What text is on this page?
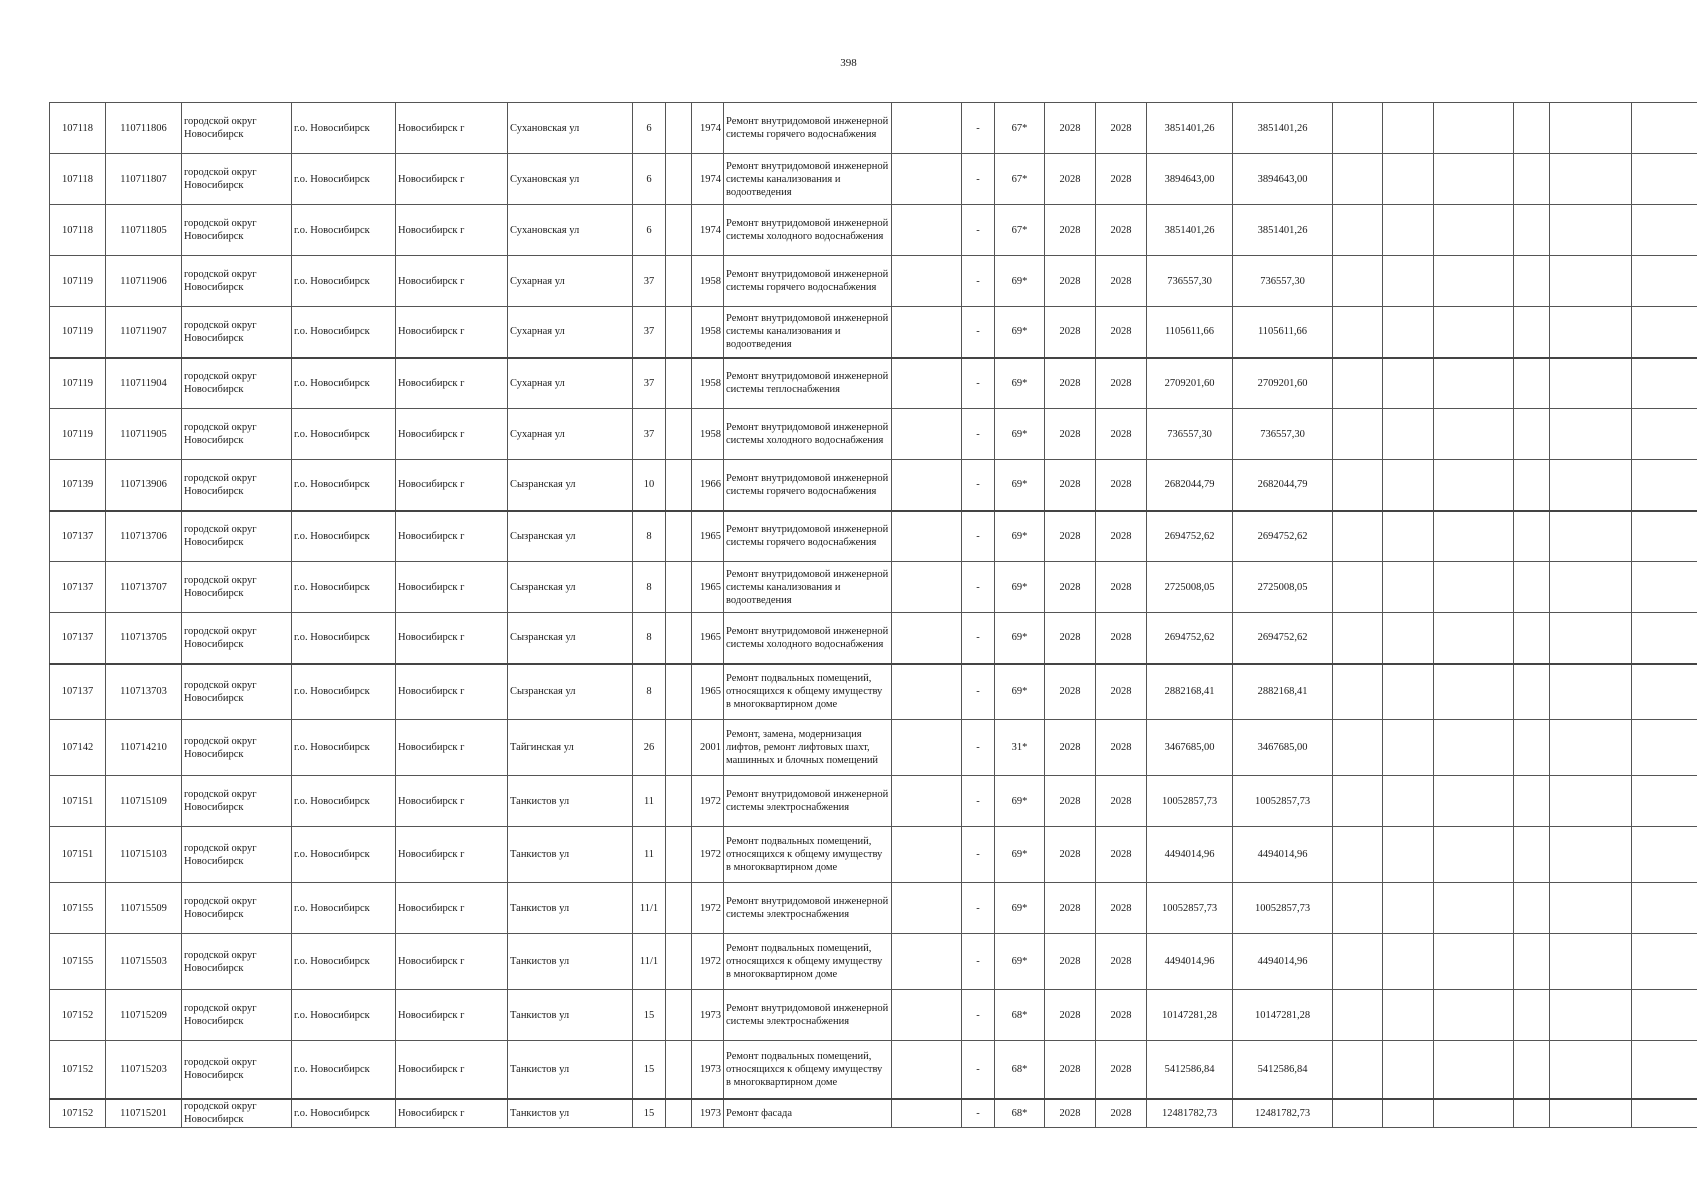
398
107118	110711806	городской округ Новосибирск	г.о. Новосибирск	Новосибирск г	Сухановская ул	6		1974	Ремонт внутридомовой инженерной системы горячего водоснабжения		-	67*	2028	2028	3851401,26	3851401,26						
107118	110711807	городской округ Новосибирск	г.о. Новосибирск	Новосибирск г	Сухановская ул	6		1974	Ремонт внутридомовой инженерной системы канализования и водоотведения		-	67*	2028	2028	3894643,00	3894643,00						
107118	110711805	городской округ Новосибирск	г.о. Новосибирск	Новосибирск г	Сухановская ул	6		1974	Ремонт внутридомовой инженерной системы холодного водоснабжения		-	67*	2028	2028	3851401,26	3851401,26						
107119	110711906	городской округ Новосибирск	г.о. Новосибирск	Новосибирск г	Сухарная ул	37		1958	Ремонт внутридомовой инженерной системы горячего водоснабжения		-	69*	2028	2028	736557,30	736557,30						
107119	110711907	городской округ Новосибирск	г.о. Новосибирск	Новосибирск г	Сухарная ул	37		1958	Ремонт внутридомовой инженерной системы канализования и водоотведения		-	69*	2028	2028	1105611,66	1105611,66						
107119	110711904	городской округ Новосибирск	г.о. Новосибирск	Новосибирск г	Сухарная ул	37		1958	Ремонт внутридомовой инженерной системы теплоснабжения		-	69*	2028	2028	2709201,60	2709201,60						
107119	110711905	городской округ Новосибирск	г.о. Новосибирск	Новосибирск г	Сухарная ул	37		1958	Ремонт внутридомовой инженерной системы холодного водоснабжения		-	69*	2028	2028	736557,30	736557,30						
107139	110713906	городской округ Новосибирск	г.о. Новосибирск	Новосибирск г	Сызранская ул	10		1966	Ремонт внутридомовой инженерной системы горячего водоснабжения		-	69*	2028	2028	2682044,79	2682044,79						
107137	110713706	городской округ Новосибирск	г.о. Новосибирск	Новосибирск г	Сызранская ул	8		1965	Ремонт внутридомовой инженерной системы горячего водоснабжения		-	69*	2028	2028	2694752,62	2694752,62						
107137	110713707	городской округ Новосибирск	г.о. Новосибирск	Новосибирск г	Сызранская ул	8		1965	Ремонт внутридомовой инженерной системы канализования и водоотведения		-	69*	2028	2028	2725008,05	2725008,05						
107137	110713705	городской округ Новосибирск	г.о. Новосибирск	Новосибирск г	Сызранская ул	8		1965	Ремонт внутридомовой инженерной системы холодного водоснабжения		-	69*	2028	2028	2694752,62	2694752,62						
107137	110713703	городской округ Новосибирск	г.о. Новосибирск	Новосибирск г	Сызранская ул	8		1965	Ремонт подвальных помещений, относящихся к общему имуществу в многоквартирном доме		-	69*	2028	2028	2882168,41	2882168,41						
107142	110714210	городской округ Новосибирск	г.о. Новосибирск	Новосибирск г	Тайгинская ул	26		2001	Ремонт, замена, модернизация лифтов, ремонт лифтовых шахт, машинных и блочных помещений		-	31*	2028	2028	3467685,00	3467685,00						
107151	110715109	городской округ Новосибирск	г.о. Новосибирск	Новосибирск г	Танкистов ул	11		1972	Ремонт внутридомовой инженерной системы электроснабжения		-	69*	2028	2028	10052857,73	10052857,73						
107151	110715103	городской округ Новосибирск	г.о. Новосибирск	Новосибирск г	Танкистов ул	11		1972	Ремонт подвальных помещений, относящихся к общему имуществу в многоквартирном доме		-	69*	2028	2028	4494014,96	4494014,96						
107155	110715509	городской округ Новосибирск	г.о. Новосибирск	Новосибирск г	Танкистов ул	11/1		1972	Ремонт внутридомовой инженерной системы электроснабжения		-	69*	2028	2028	10052857,73	10052857,73						
107155	110715503	городской округ Новосибирск	г.о. Новосибирск	Новосибирск г	Танкистов ул	11/1		1972	Ремонт подвальных помещений, относящихся к общему имуществу в многоквартирном доме		-	69*	2028	2028	4494014,96	4494014,96						
107152	110715209	городской округ Новосибирск	г.о. Новосибирск	Новосибирск г	Танкистов ул	15		1973	Ремонт внутридомовой инженерной системы электроснабжения		-	68*	2028	2028	10147281,28	10147281,28						
107152	110715203	городской округ Новосибирск	г.о. Новосибирск	Новосибирск г	Танкистов ул	15		1973	Ремонт подвальных помещений, относящихся к общему имуществу в многоквартирном доме		-	68*	2028	2028	5412586,84	5412586,84						
107152	110715201	городской округ Новосибирск	г.о. Новосибирск	Новосибирск г	Танкистов ул	15		1973	Ремонт фасада		-	68*	2028	2028	12481782,73	12481782,73						
